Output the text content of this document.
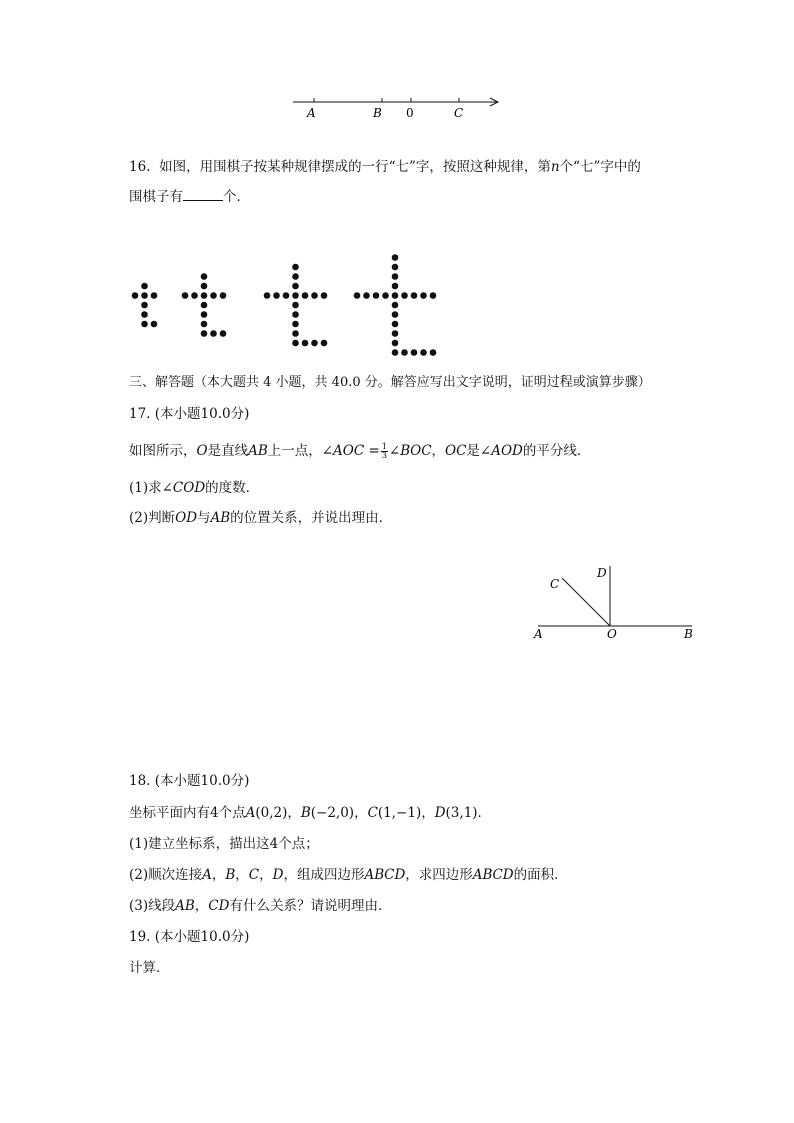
A	B 0	C
16. 如图，用围棋子按某种规律摆成的一行“七”字，按照这种规律，第𝑛个“七”字中的
围棋子有	个．
三、解答题（本大题共 4 小题，共 40.0 分。解答应写出文字说明，证明过程或演算步骤）
17. (本小题10.0分)
如图所示，𝑂是直线𝐴𝐵上一点，∠𝐴𝑂𝐶 = $\frac{1}{3}$ ∠𝐵𝑂𝐶，𝑂𝐶是∠𝐴𝑂𝐷的平分线．
(1)求∠𝐶𝑂𝐷的度数．
(2)判断𝑂𝐷与𝐴𝐵的位置关系，并说出理由．
A	B
O
C
D
18. (本小题10.0分)
坐标平面内有4个点𝐴(0,2)，𝐵(−2,0)，𝐶(1,−1)，𝐷(3,1)．
(1)建立坐标系，描出这4个点；
(2)顺次连接𝐴，𝐵，𝐶，𝐷，组成四边形𝐴𝐵𝐶𝐷，求四边形𝐴𝐵𝐶𝐷的面积．
(3)线段𝐴𝐵，𝐶𝐷有什么关系？请说明理由．
19. (本小题10.0分)
计算．
